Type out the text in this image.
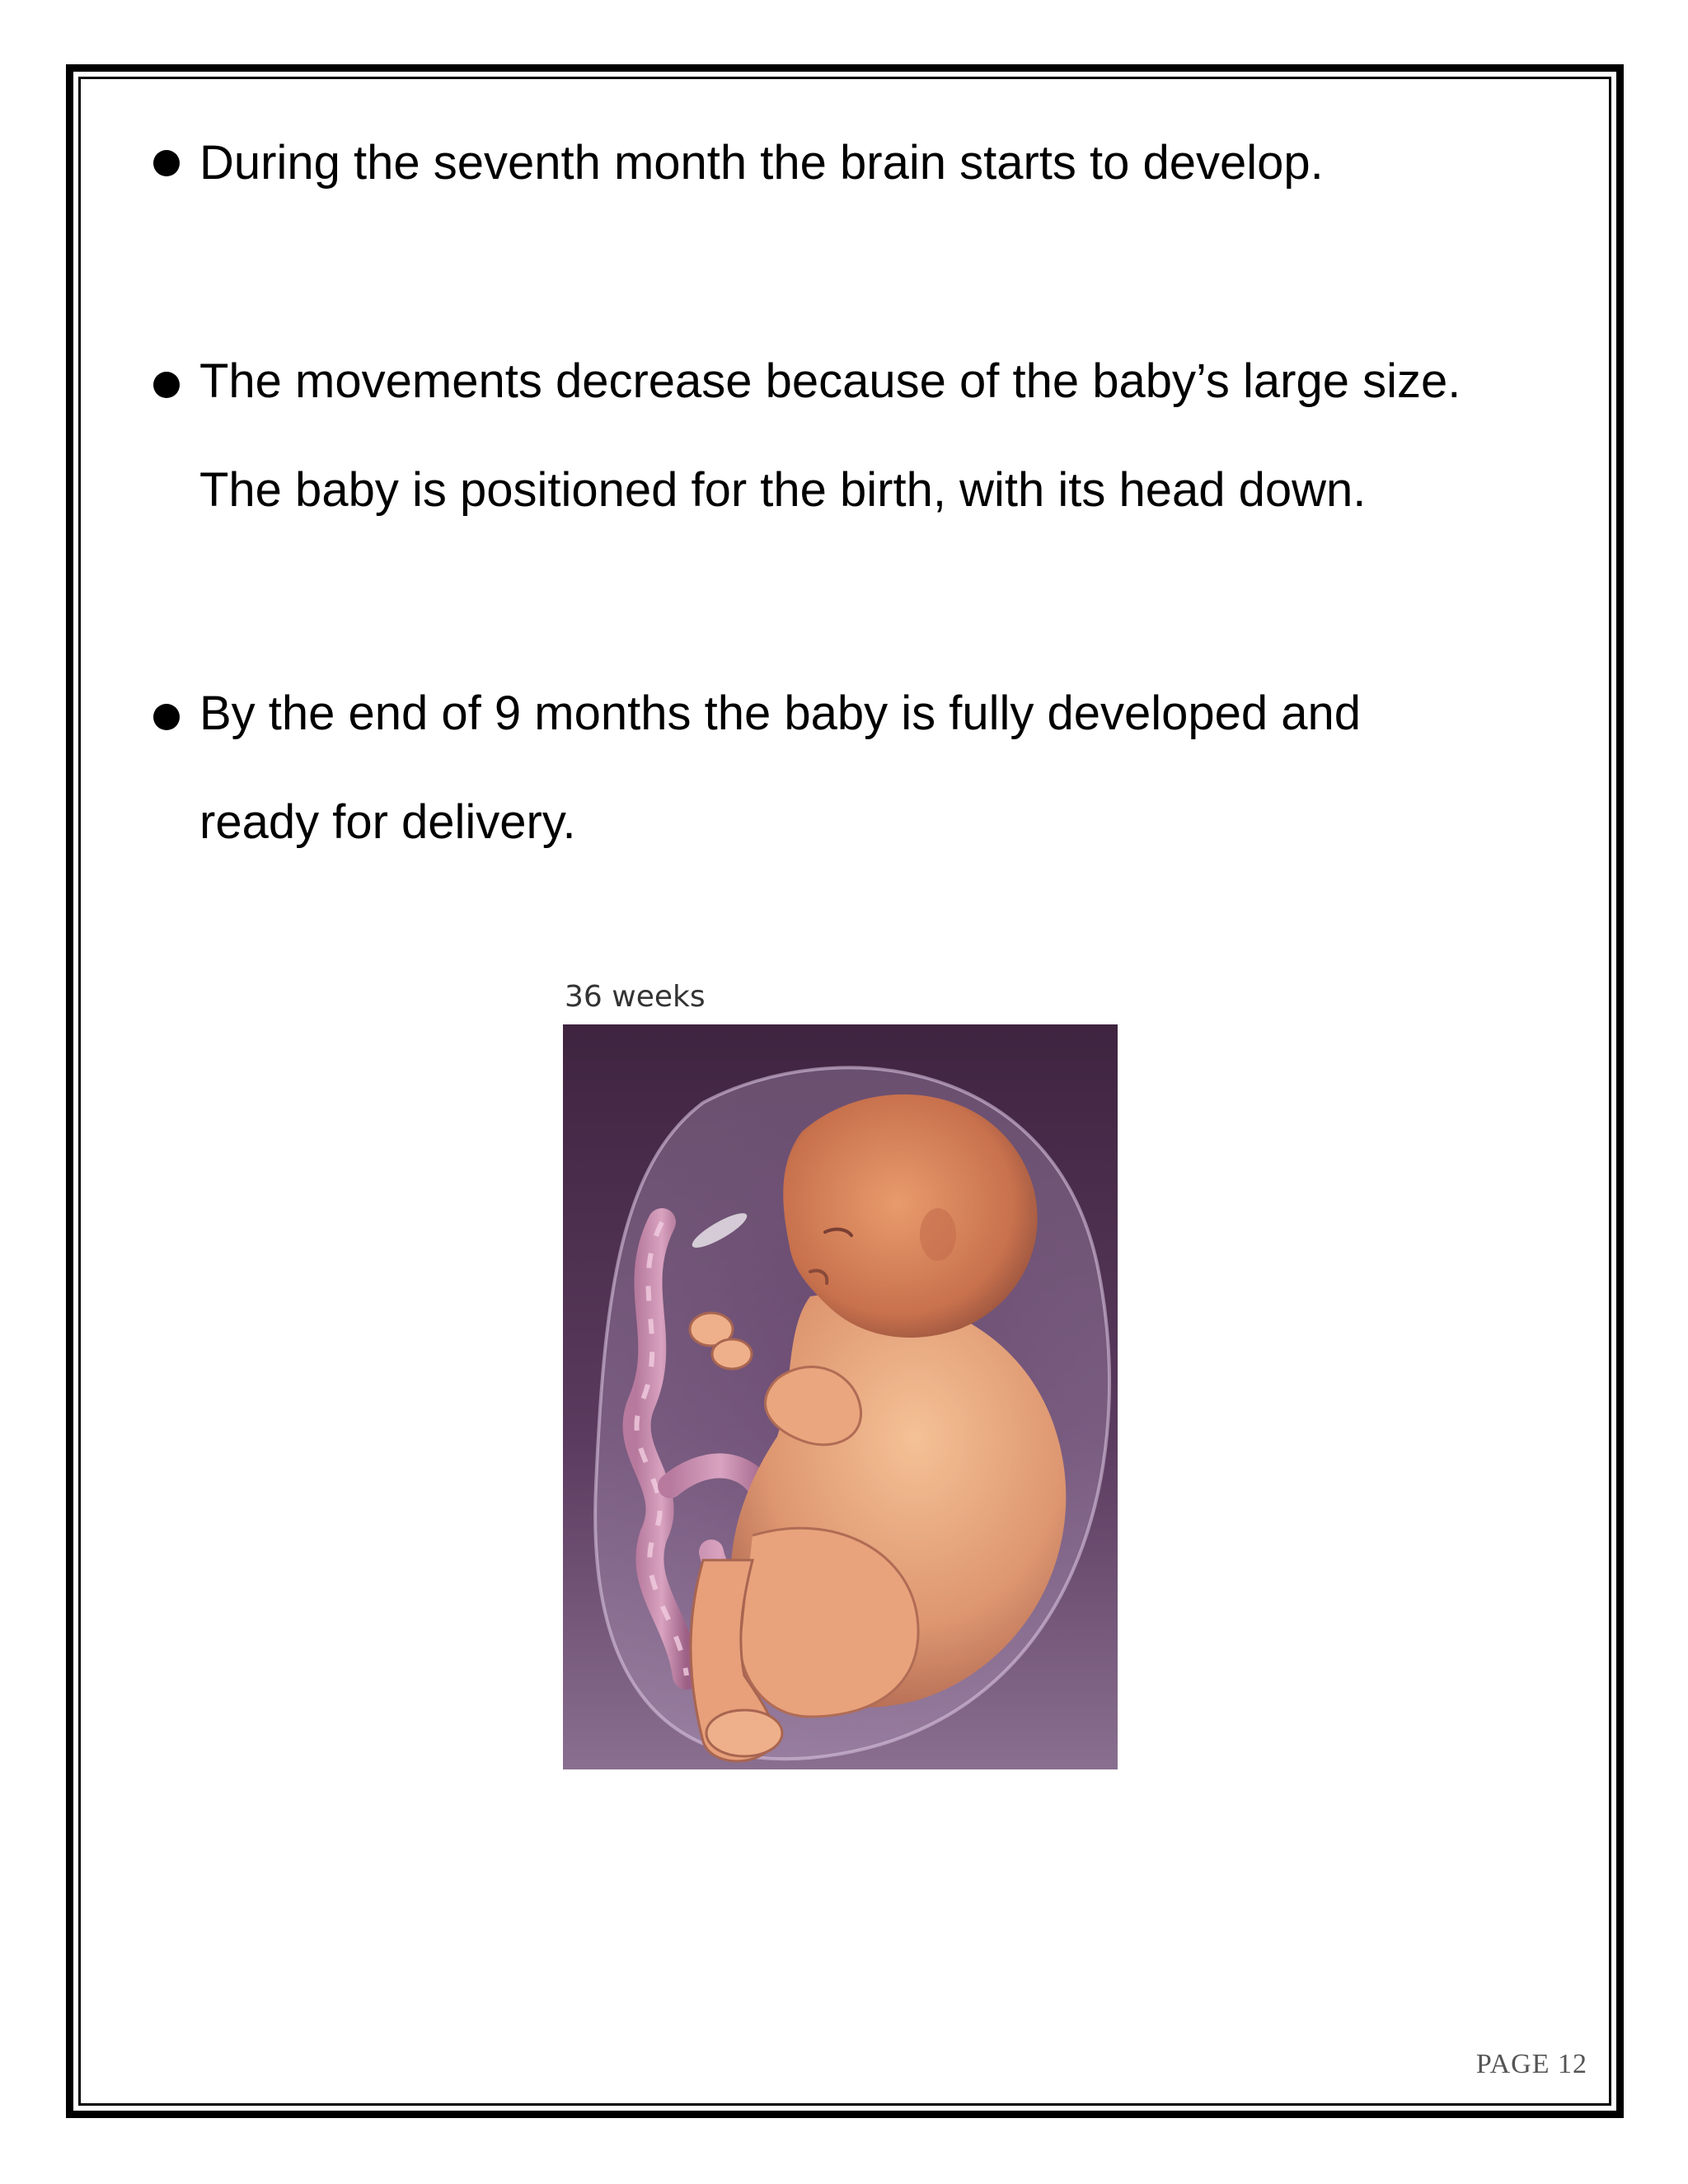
During the seventh month the brain starts to develop.
The movements decrease because of the baby’s large size.
The baby is positioned for the birth, with its head down.
By the end of 9 months the baby is fully developed and
ready for delivery.
36 weeks
PAGE 12
